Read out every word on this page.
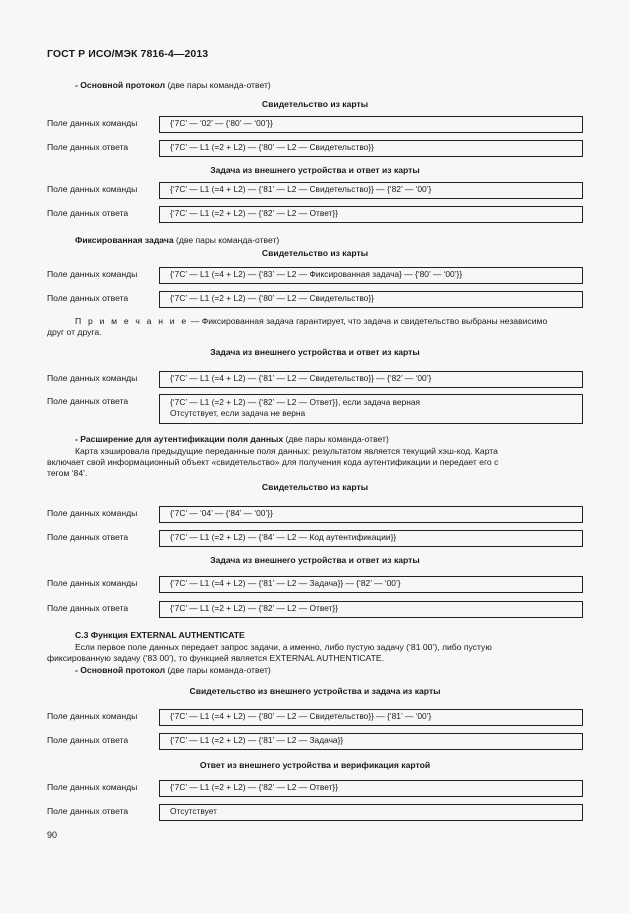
ГОСТ Р ИСО/МЭК 7816-4—2013
- Основной протокол (две пары команда-ответ)
Свидетельство из карты
Поле данных команды	{‘7C’ — ‘02’ — {‘80’ — ‘00’}}
Поле данных ответа	{‘7C’ — L1 (=2 + L2) — {‘80’ — L2 — Свидетельство}}
Задача из внешнего устройства и ответ из карты
Поле данных команды	{‘7C’ — L1 (=4 + L2) — {‘81’ — L2 — Свидетельство}} — {‘82’ — ‘00’}
Поле данных ответа	{‘7C’ — L1 (=2 + L2) — {‘82’ — L2 — Ответ}}
Фиксированная задача (две пары команда-ответ)
Свидетельство из карты
Поле данных команды	{‘7C’ — L1 (=4 + L2) — {‘83’ — L2 — Фиксированная задача} — {‘80’ — ‘00’}}
Поле данных ответа	{‘7C’ — L1 (=2 + L2) — {‘80’ — L2 — Свидетельство}}
П р и м е ч а н и е — Фиксированная задача гарантирует, что задача и свидетельство выбраны независимо
друг от друга.
Задача из внешнего устройства и ответ из карты
Поле данных команды	{‘7C’ — L1 (=4 + L2) — {‘81’ — L2 — Свидетельство}} — {‘82’ — ‘00’}
Поле данных ответа	{‘7C’ — L1 (=2 + L2) — {‘82’ — L2 — Ответ}}, если задача верная
Отсутствует, если задача не верна
- Расширение для аутентификации поля данных (две пары команда-ответ)
Карта хэшировала предыдущие переданные поля данных: результатом является текущий хэш-код. Карта
включает свой информационный объект «свидетельство» для получения кода аутентификации и передает его с
тегом ‘84’.
Свидетельство из карты
Поле данных команды	{‘7C’ — ‘04’ — {‘84’ — ‘00’}}
Поле данных ответа	{‘7C’ — L1 (=2 + L2) — {‘84’ — L2 — Код аутентификации}}
Задача из внешнего устройства и ответ из карты
Поле данных команды	{‘7C’ — L1 (=4 + L2) — {‘81’ — L2 — Задача}} — {‘82’ — ‘00’}
Поле данных ответа	{‘7C’ — L1 (=2 + L2) — {‘82’ — L2 — Ответ}}
С.3 Функция EXTERNAL AUTHENTICATE
Если первое поле данных передает запрос задачи, а именно, либо пустую задачу (‘81 00’), либо пустую
фиксированную задачу (‘83 00’), то функцией является EXTERNAL AUTHENTICATE.
- Основной протокол (две пары команда-ответ)
Свидетельство из внешнего устройства и задача из карты
Поле данных команды	{‘7C’ — L1 (=4 + L2) — {‘80’ — L2 — Свидетельство}} — {‘81’ — ‘00’}
Поле данных ответа	{‘7C’ — L1 (=2 + L2) — {‘81’ — L2 — Задача}}
Ответ из внешнего устройства и верификация картой
Поле данных команды	{‘7C’ — L1 (=2 + L2) — {‘82’ — L2 — Ответ}}
Поле данных ответа	Отсутствует
90
